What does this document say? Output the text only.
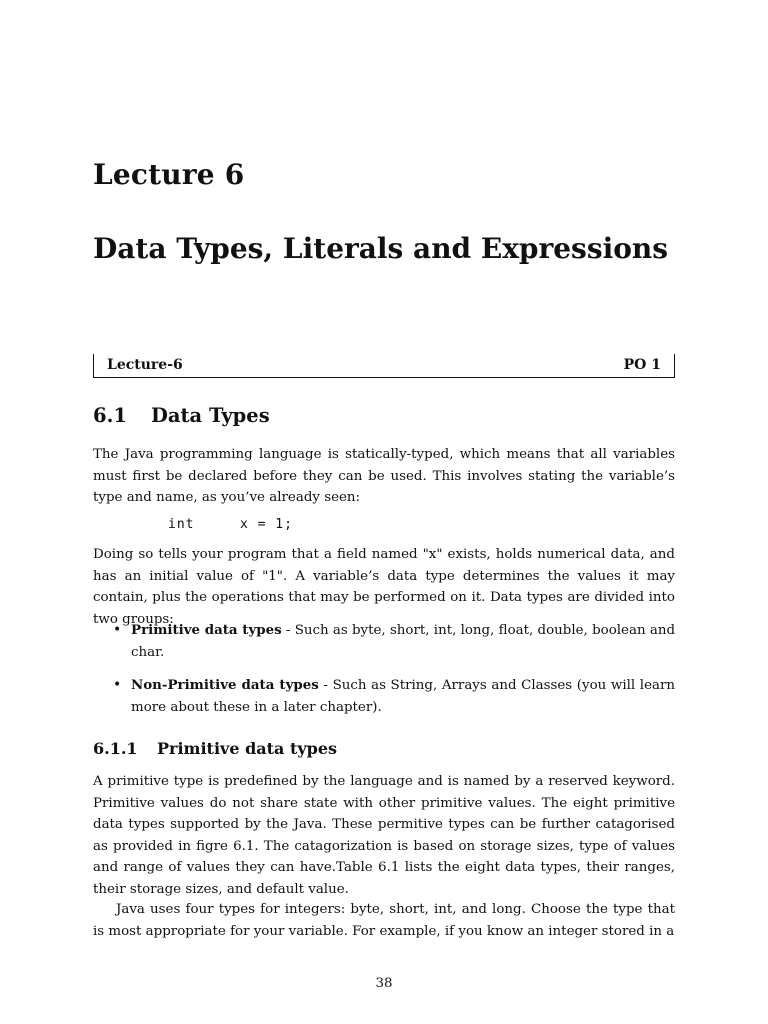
Lecture 6
Data Types, Literals and Expressions
Lecture-6	PO 1
6.1 Data Types

The Java programming language is statically-typed, which means that all variables must first be declared before they can be used. This involves stating the variable’s type and name, as you’ve already seen:

int	x = 1;

Doing so tells your program that a field named "x" exists, holds numerical data, and has an initial value of "1". A variable’s data type determines the values it may contain, plus the operations that may be performed on it. Data types are divided into two groups:

• Primitive data types - Such as byte, short, int, long, float, double, boolean and char.
• Non-Primitive data types - Such as String, Arrays and Classes (you will learn more about these in a later chapter).
6.1.1 Primitive data types

A primitive type is predefined by the language and is named by a reserved keyword. Primitive values do not share state with other primitive values. The eight primitive data types supported by the Java. These permitive types can be further catagorised as provided in figre 6.1. The catagorization is based on storage sizes, type of values and range of values they can have.Table 6.1 lists the eight data types, their ranges, their storage sizes, and default value.

Java uses four types for integers: byte, short, int, and long. Choose the type that is most appropriate for your variable. For example, if you know an integer stored in a

38
